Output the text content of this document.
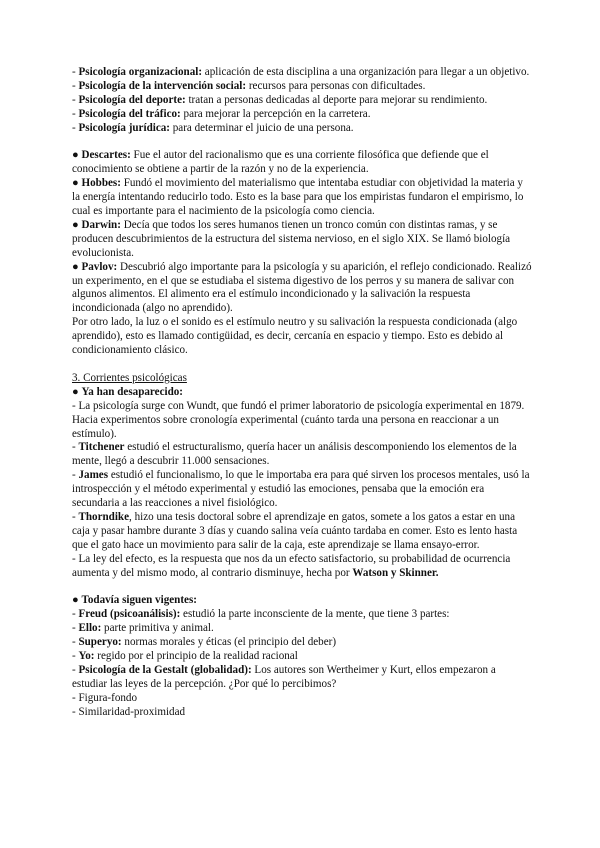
- Psicología organizacional: aplicación de esta disciplina a una organización para llegar a un objetivo.

- Psicología de la intervención social: recursos para personas con dificultades.

- Psicología del deporte: tratan a personas dedicadas al deporte para mejorar su rendimiento.

- Psicología del tráfico: para mejorar la percepción en la carretera.

- Psicología jurídica: para determinar el juicio de una persona.

● Descartes: Fue el autor del racionalismo que es una corriente filosófica que defiende que el conocimiento se obtiene a partir de la razón y no de la experiencia.

● Hobbes: Fundó el movimiento del materialismo que intentaba estudiar con objetividad la materia y la energía intentando reducirlo todo. Esto es la base para que los empiristas fundaron el empirismo, lo cual es importante para el nacimiento de la psicología como ciencia.

● Darwin: Decía que todos los seres humanos tienen un tronco común con distintas ramas, y se producen descubrimientos de la estructura del sistema nervioso, en el siglo XIX. Se llamó biología evolucionista.

● Pavlov: Descubrió algo importante para la psicología y su aparición, el reflejo condicionado. Realizó un experimento, en el que se estudiaba el sistema digestivo de los perros y su manera de salivar con algunos alimentos. El alimento era el estímulo incondicionado y la salivación la respuesta incondicionada (algo no aprendido).

Por otro lado, la luz o el sonido es el estímulo neutro y su salivación la respuesta condicionada (algo aprendido), esto es llamado contigüidad, es decir, cercanía en espacio y tiempo. Esto es debido al condicionamiento clásico.

3. Corrientes psicológicas

● Ya han desaparecido:

- La psicología surge con Wundt, que fundó el primer laboratorio de psicología experimental en 1879. Hacia experimentos sobre cronología experimental (cuánto tarda una persona en reaccionar a un estímulo).

- Titchener estudió el estructuralismo, quería hacer un análisis descomponiendo los elementos de la mente, llegó a descubrir 11.000 sensaciones.

- James estudió el funcionalismo, lo que le importaba era para qué sirven los procesos mentales, usó la introspección y el método experimental y estudió las emociones, pensaba que la emoción era secundaria a las reacciones a nivel fisiológico.

- Thorndike, hizo una tesis doctoral sobre el aprendizaje en gatos, somete a los gatos a estar en una caja y pasar hambre durante 3 días y cuando salina veía cuánto tardaba en comer. Esto es lento hasta que el gato hace un movimiento para salir de la caja, este aprendizaje se llama ensayo-error.

- La ley del efecto, es la respuesta que nos da un efecto satisfactorio, su probabilidad de ocurrencia aumenta y del mismo modo, al contrario disminuye, hecha por Watson y Skinner.

● Todavía siguen vigentes:

- Freud (psicoanálisis): estudió la parte inconsciente de la mente, que tiene 3 partes:

- Ello: parte primitiva y animal.

- Superyo: normas morales y éticas (el principio del deber)

- Yo: regido por el principio de la realidad racional

- Psicología de la Gestalt (globalidad): Los autores son Wertheimer y Kurt, ellos empezaron a estudiar las leyes de la percepción. ¿Por qué lo percibimos?

- Figura-fondo

- Similaridad-proximidad
